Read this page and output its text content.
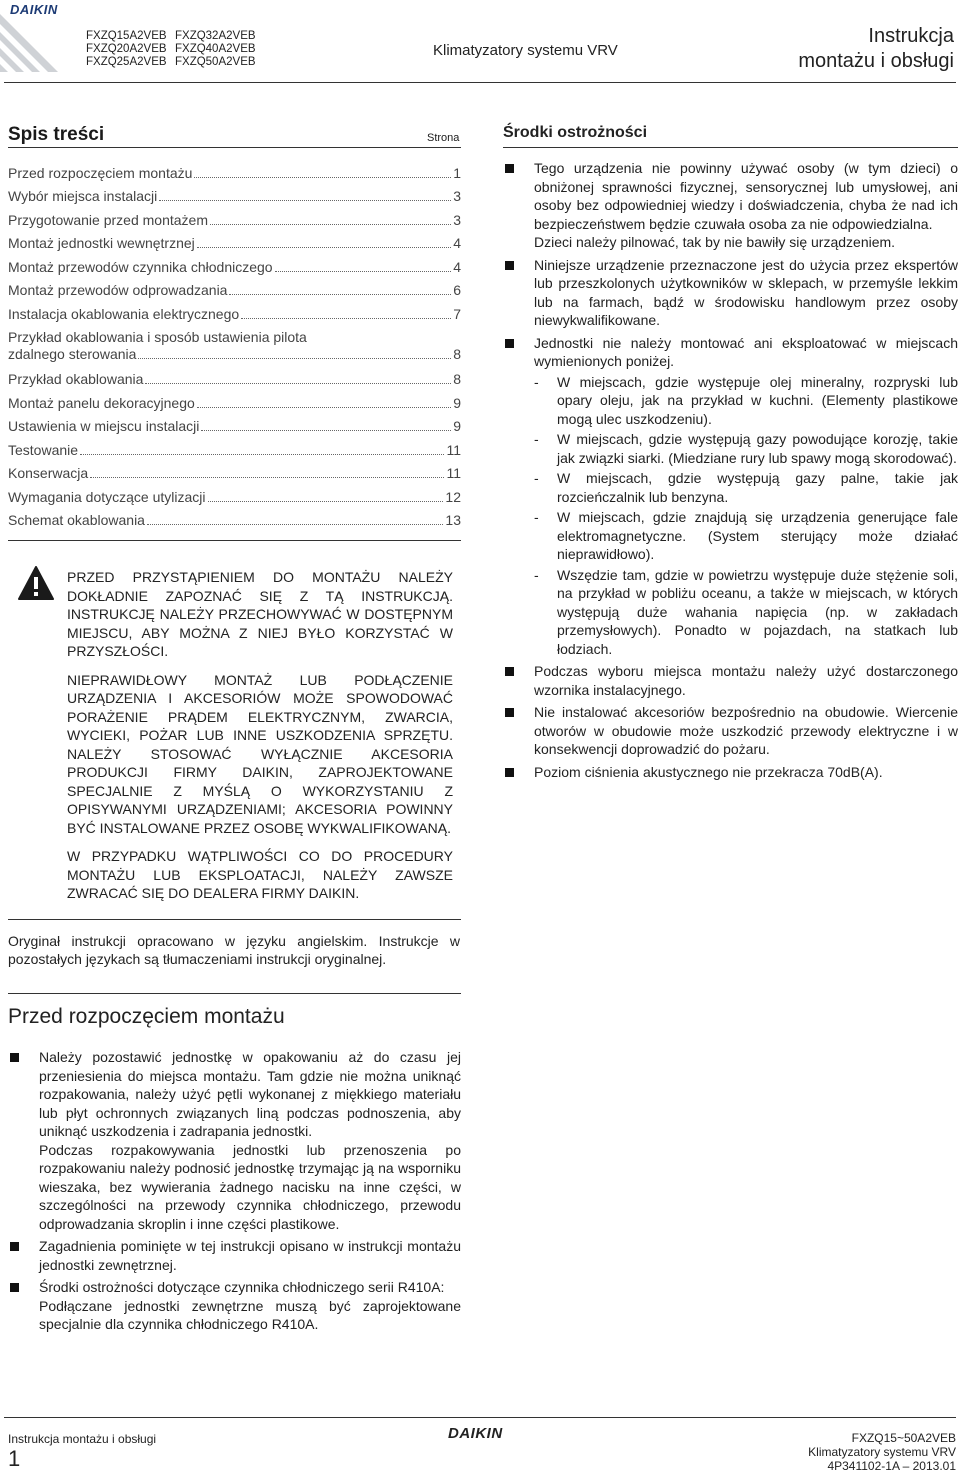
DAIKIN
FXZQ15A2VEB
FXZQ20A2VEB
FXZQ25A2VEB
FXZQ32A2VEB
FXZQ40A2VEB
FXZQ50A2VEB
Klimatyzatory systemu VRV
Instrukcja
montażu i obsługi
Spis treści	Strona
Przed rozpoczęciem montażu	1
Wybór miejsca instalacji	3
Przygotowanie przed montażem	3
Montaż jednostki wewnętrznej	4
Montaż przewodów czynnika chłodniczego	4
Montaż przewodów odprowadzania	6
Instalacja okablowania elektrycznego	7
Przykład okablowania i sposób ustawienia pilota
zdalnego sterowania	8
Przykład okablowania	8
Montaż panelu dekoracyjnego	9
Ustawienia w miejscu instalacji	9
Testowanie	11
Konserwacja	11
Wymagania dotyczące utylizacji	12
Schemat okablowania	13

PRZED PRZYSTĄPIENIEM DO MONTAŻU NALEŻY DOKŁADNIE ZAPOZNAĆ SIĘ Z TĄ INSTRUKCJĄ. INSTRUKCJĘ NALEŻY PRZECHOWYWAĆ W DOSTĘPNYM MIEJSCU, ABY MOŻNA Z NIEJ BYŁO KORZYSTAĆ W PRZYSZŁOŚCI.

NIEPRAWIDŁOWY MONTAŻ LUB PODŁĄCZENIE URZĄDZENIA I AKCESORIÓW MOŻE SPOWODOWAĆ PORAŻENIE PRĄDEM ELEKTRYCZNYM, ZWARCIA, WYCIEKI, POŻAR LUB INNE USZKODZENIA SPRZĘTU. NALEŻY STOSOWAĆ WYŁĄCZNIE AKCESORIA PRODUKCJI FIRMY DAIKIN, ZAPROJEKTOWANE SPECJALNIE Z MYŚLĄ O WYKORZYSTANIU Z OPISYWANYMI URZĄDZENIAMI; AKCESORIA POWINNY BYĆ INSTALOWANE PRZEZ OSOBĘ WYKWALIFIKOWANĄ.

W PRZYPADKU WĄTPLIWOŚCI CO DO PROCEDURY MONTAŻU LUB EKSPLOATACJI, NALEŻY ZAWSZE ZWRACAĆ SIĘ DO DEALERA FIRMY DAIKIN.

Oryginał instrukcji opracowano w języku angielskim. Instrukcje w pozostałych językach są tłumaczeniami instrukcji oryginalnej.
Przed rozpoczęciem montażu

Należy pozostawić jednostkę w opakowaniu aż do czasu jej przeniesienia do miejsca montażu. Tam gdzie nie można uniknąć rozpakowania, należy użyć pętli wykonanej z miękkiego materiału lub płyt ochronnych związanych liną podczas podnoszenia, aby uniknąć uszkodzenia i zadrapania jednostki.

Podczas rozpakowywania jednostki lub przenoszenia po rozpakowaniu należy podnosić jednostkę trzymając ją na wsporniku wieszaka, bez wywierania żadnego nacisku na inne części, w szczególności na przewody czynnika chłodniczego, przewodu odprowadzania skroplin i inne części plastikowe.

Zagadnienia pominięte w tej instrukcji opisano w instrukcji montażu jednostki zewnętrznej.

Środki ostrożności dotyczące czynnika chłodniczego serii R410A:

Podłączane jednostki zewnętrzne muszą być zaprojektowane specjalnie dla czynnika chłodniczego R410A.

Środki ostrożności

Tego urządzenia nie powinny używać osoby (w tym dzieci) o obniżonej sprawności fizycznej, sensorycznej lub umysłowej, ani osoby bez odpowiedniej wiedzy i doświadczenia, chyba że nad ich bezpieczeństwem będzie czuwała osoba za nie odpowiedzialna.

Dzieci należy pilnować, tak by nie bawiły się urządzeniem.

Niniejsze urządzenie przeznaczone jest do użycia przez ekspertów lub przeszkolonych użytkowników w sklepach, w przemyśle lekkim lub na farmach, bądź w środowisku handlowym przez osoby niewykwalifikowane.

Jednostki nie należy montować ani eksploatować w miejscach wymienionych poniżej.

- W miejscach, gdzie występuje olej mineralny, rozpryski lub opary oleju, jak na przykład w kuchni. (Elementy plastikowe mogą ulec uszkodzeniu).
- W miejscach, gdzie występują gazy powodujące korozję, takie jak związki siarki. (Miedziane rury lub spawy mogą skorodować).
- W miejscach, gdzie występują gazy palne, takie jak rozcieńczalnik lub benzyna.
- W miejscach, gdzie znajdują się urządzenia generujące fale elektromagnetyczne. (System sterujący może działać nieprawidłowo).
- Wszędzie tam, gdzie w powietrzu występuje duże stężenie soli, na przykład w pobliżu oceanu, a także w miejscach, w których występują duże wahania napięcia (np. w zakładach przemysłowych). Ponadto w pojazdach, na statkach lub łodziach.

Podczas wyboru miejsca montażu należy użyć dostarczonego wzornika instalacyjnego.

Nie instalować akcesoriów bezpośrednio na obudowie. Wiercenie otworów w obudowie może uszkodzić przewody elektryczne i w konsekwencji doprowadzić do pożaru.

Poziom ciśnienia akustycznego nie przekracza 70dB(A).

Instrukcja montażu i obsługi
1
DAIKIN	FXZQ15~50A2VEB
Klimatyzatory systemu VRV
4P341102-1A – 2013.01
